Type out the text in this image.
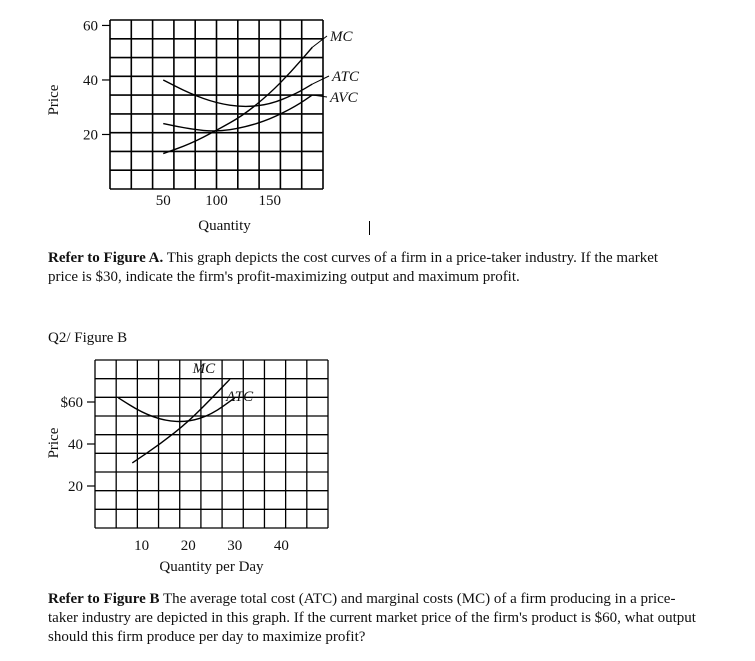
20
40
60
50 100 150
Quantity
Price
MC
ATC
AVC
20
40
$60
10 20 30 40
Quantity per Day
Price
MC
ATC

Refer to Figure A. This graph depicts the cost curves of a firm in a price-taker industry. If the market price is $30, indicate the firm's profit-maximizing output and maximum profit.

Q2/ Figure B

Refer to Figure B The average total cost (ATC) and marginal costs (MC) of a firm producing in a price-taker industry are depicted in this graph. If the current market price of the firm's product is $60, what output should this firm produce per day to maximize profit?
